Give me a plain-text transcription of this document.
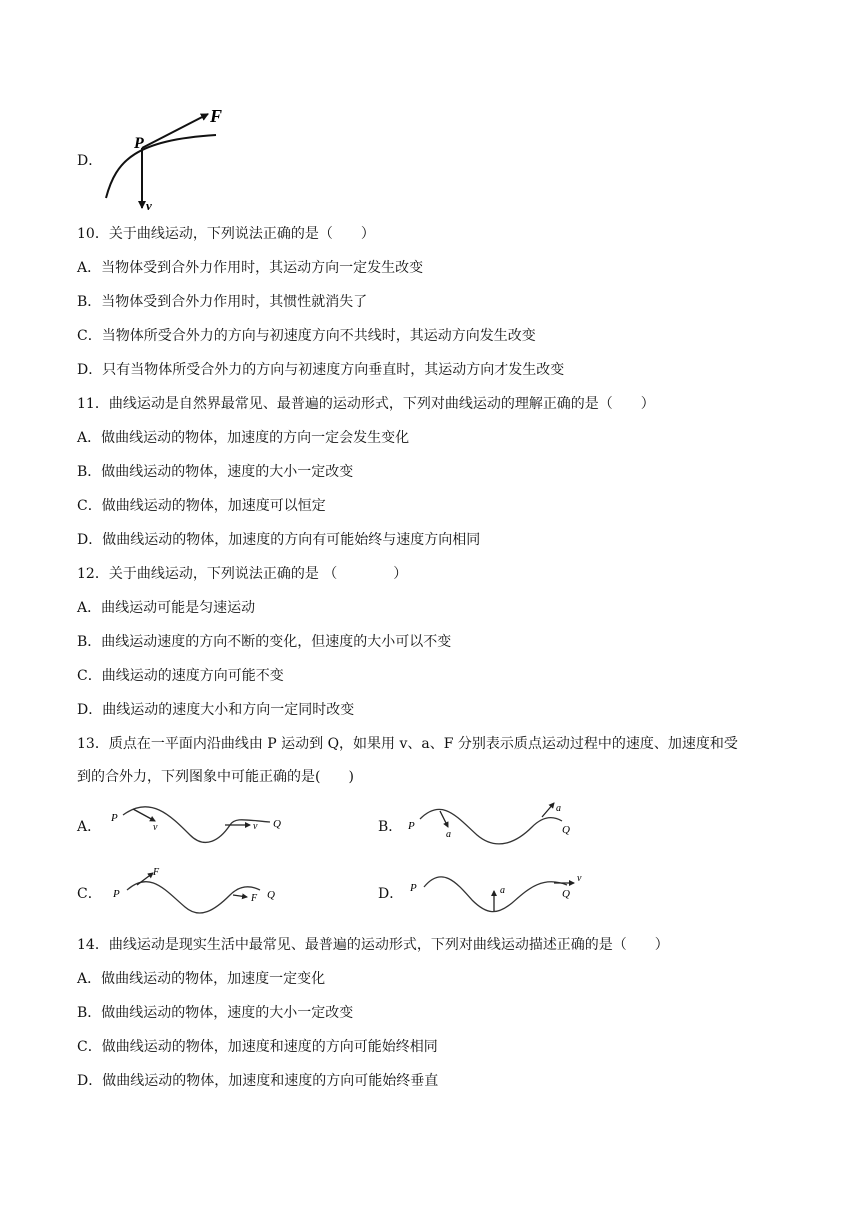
D．
P
F
v
10．关于曲线运动，下列说法正确的是（　　）
A．当物体受到合外力作用时，其运动方向一定发生改变
B．当物体受到合外力作用时，其惯性就消失了
C．当物体所受合外力的方向与初速度方向不共线时，其运动方向发生改变
D．只有当物体所受合外力的方向与初速度方向垂直时，其运动方向才发生改变
11．曲线运动是自然界最常见、最普遍的运动形式，下列对曲线运动的理解正确的是（　　）
A．做曲线运动的物体，加速度的方向一定会发生变化
B．做曲线运动的物体，速度的大小一定改变
C．做曲线运动的物体，加速度可以恒定
D．做曲线运动的物体，加速度的方向有可能始终与速度方向相同
12．关于曲线运动，下列说法正确的是 （　　　　）
A．曲线运动可能是匀速运动
B．曲线运动速度的方向不断的变化，但速度的大小可以不变
C．曲线运动的速度方向可能不变
D．曲线运动的速度大小和方向一定同时改变
13．质点在一平面内沿曲线由 P 运动到 Q，如果用 v、a、F 分别表示质点运动过程中的速度、加速度和受
到的合外力，下列图象中可能正确的是(　　)
A．
P
v	v Q	B． P
a
a
Q
C． P
F
F Q	D． P	a
v
Q
14．曲线运动是现实生活中最常见、最普遍的运动形式，下列对曲线运动描述正确的是（　　）
A．做曲线运动的物体，加速度一定变化
B．做曲线运动的物体，速度的大小一定改变
C．做曲线运动的物体，加速度和速度的方向可能始终相同
D．做曲线运动的物体，加速度和速度的方向可能始终垂直
